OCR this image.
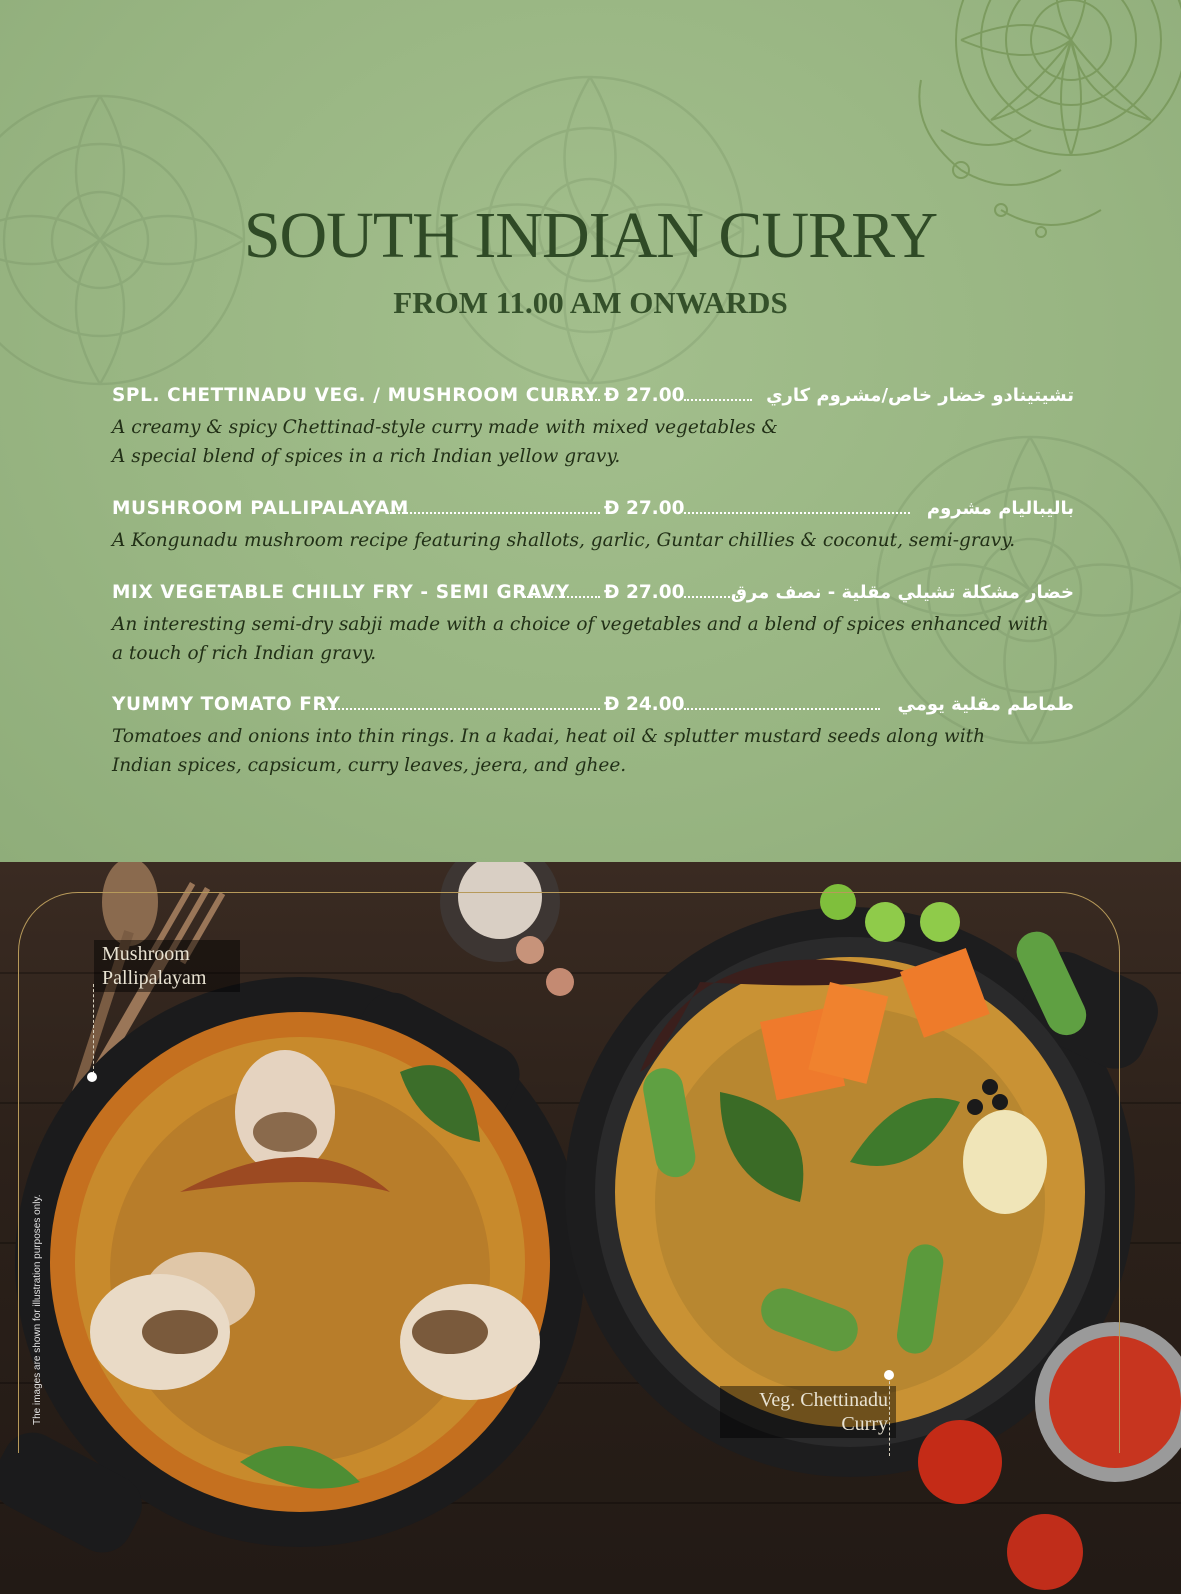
SOUTH INDIAN CURRY
FROM 11.00 AM ONWARDS
SPL. CHETTINADU VEG. / MUSHROOM CURRY Ð 27.00	تشيتينادو خضار خاص/مشروم كاري
A creamy & spicy Chettinad-style curry made with mixed vegetables &
A special blend of spices in a rich Indian yellow gravy.
MUSHROOM PALLIPALAYAM	Ð 27.00	باليباليام مشروم
A Kongunadu mushroom recipe featuring shallots, garlic, Guntar chillies & coconut, semi-gravy.
MIX VEGETABLE CHILLY FRY - SEMI GRAVY Ð 27.00	خضار مشكلة تشيلي مقلية - نصف مرق
An interesting semi-dry sabji made with a choice of vegetables and a blend of spices enhanced with
a touch of rich Indian gravy.
YUMMY TOMATO FRY	Ð 24.00	طماطم مقلية يومي
Tomatoes and onions into thin rings. In a kadai, heat oil & splutter mustard seeds along with
Indian spices, capsicum, curry leaves, jeera, and ghee.
Mushroom
Pallipalayam
Veg. Chettinadu
Curry
The images are shown for illustration purposes only.
